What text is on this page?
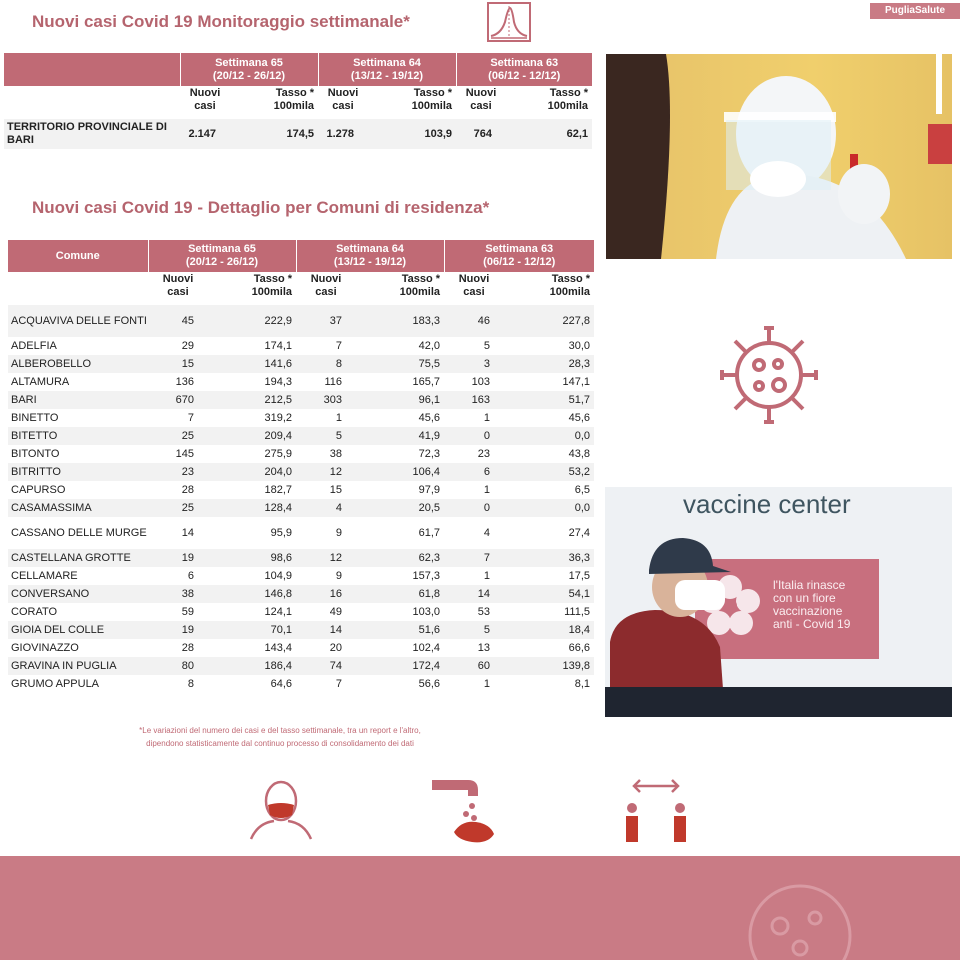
Nuovi casi Covid 19 Monitoraggio settimanale*
PugliaSalute
	Settimana 65
(20/12 - 26/12)		Settimana 64
(13/12 - 19/12)		Settimana 63
(06/12 - 12/12)	
	Nuovi
casi	Tasso *
100mila	Nuovi
casi	Tasso *
100mila	Nuovi
casi	Tasso *
100mila
TERRITORIO PROVINCIALE DI
BARI	2.147	174,5	1.278	103,9	764	62,1
Nuovi casi Covid 19 - Dettaglio per Comuni di residenza*
Comune	Settimana 65
(20/12 - 26/12)		Settimana 64
(13/12 - 19/12)		Settimana 63
(06/12 - 12/12)	
	Nuovi
casi	Tasso *
100mila	Nuovi
casi	Tasso *
100mila	Nuovi
casi	Tasso *
100mila
ACQUAVIVA DELLE FONTI	45	222,9	37	183,3	46	227,8
ADELFIA	29	174,1	7	42,0	5	30,0
ALBEROBELLO	15	141,6	8	75,5	3	28,3
ALTAMURA	136	194,3	116	165,7	103	147,1
BARI	670	212,5	303	96,1	163	51,7
BINETTO	7	319,2	1	45,6	1	45,6
BITETTO	25	209,4	5	41,9	0	0,0
BITONTO	145	275,9	38	72,3	23	43,8
BITRITTO	23	204,0	12	106,4	6	53,2
CAPURSO	28	182,7	15	97,9	1	6,5
CASAMASSIMA	25	128,4	4	20,5	0	0,0
CASSANO DELLE MURGE	14	95,9	9	61,7	4	27,4
CASTELLANA GROTTE	19	98,6	12	62,3	7	36,3
CELLAMARE	6	104,9	9	157,3	1	17,5
CONVERSANO	38	146,8	16	61,8	14	54,1
CORATO	59	124,1	49	103,0	53	111,5
GIOIA DEL COLLE	19	70,1	14	51,6	5	18,4
GIOVINAZZO	28	143,4	20	102,4	13	66,6
GRAVINA IN PUGLIA	80	186,4	74	172,4	60	139,8
GRUMO APPULA	8	64,6	7	56,6	1	8,1
vaccine center
l'Italia rinasce
con un fiore
vaccinazione
anti - Covid 19
*Le variazioni del numero dei casi e del tasso settimanale, tra un report e l'altro, dipendono statisticamente dal continuo processo di consolidamento dei dati
